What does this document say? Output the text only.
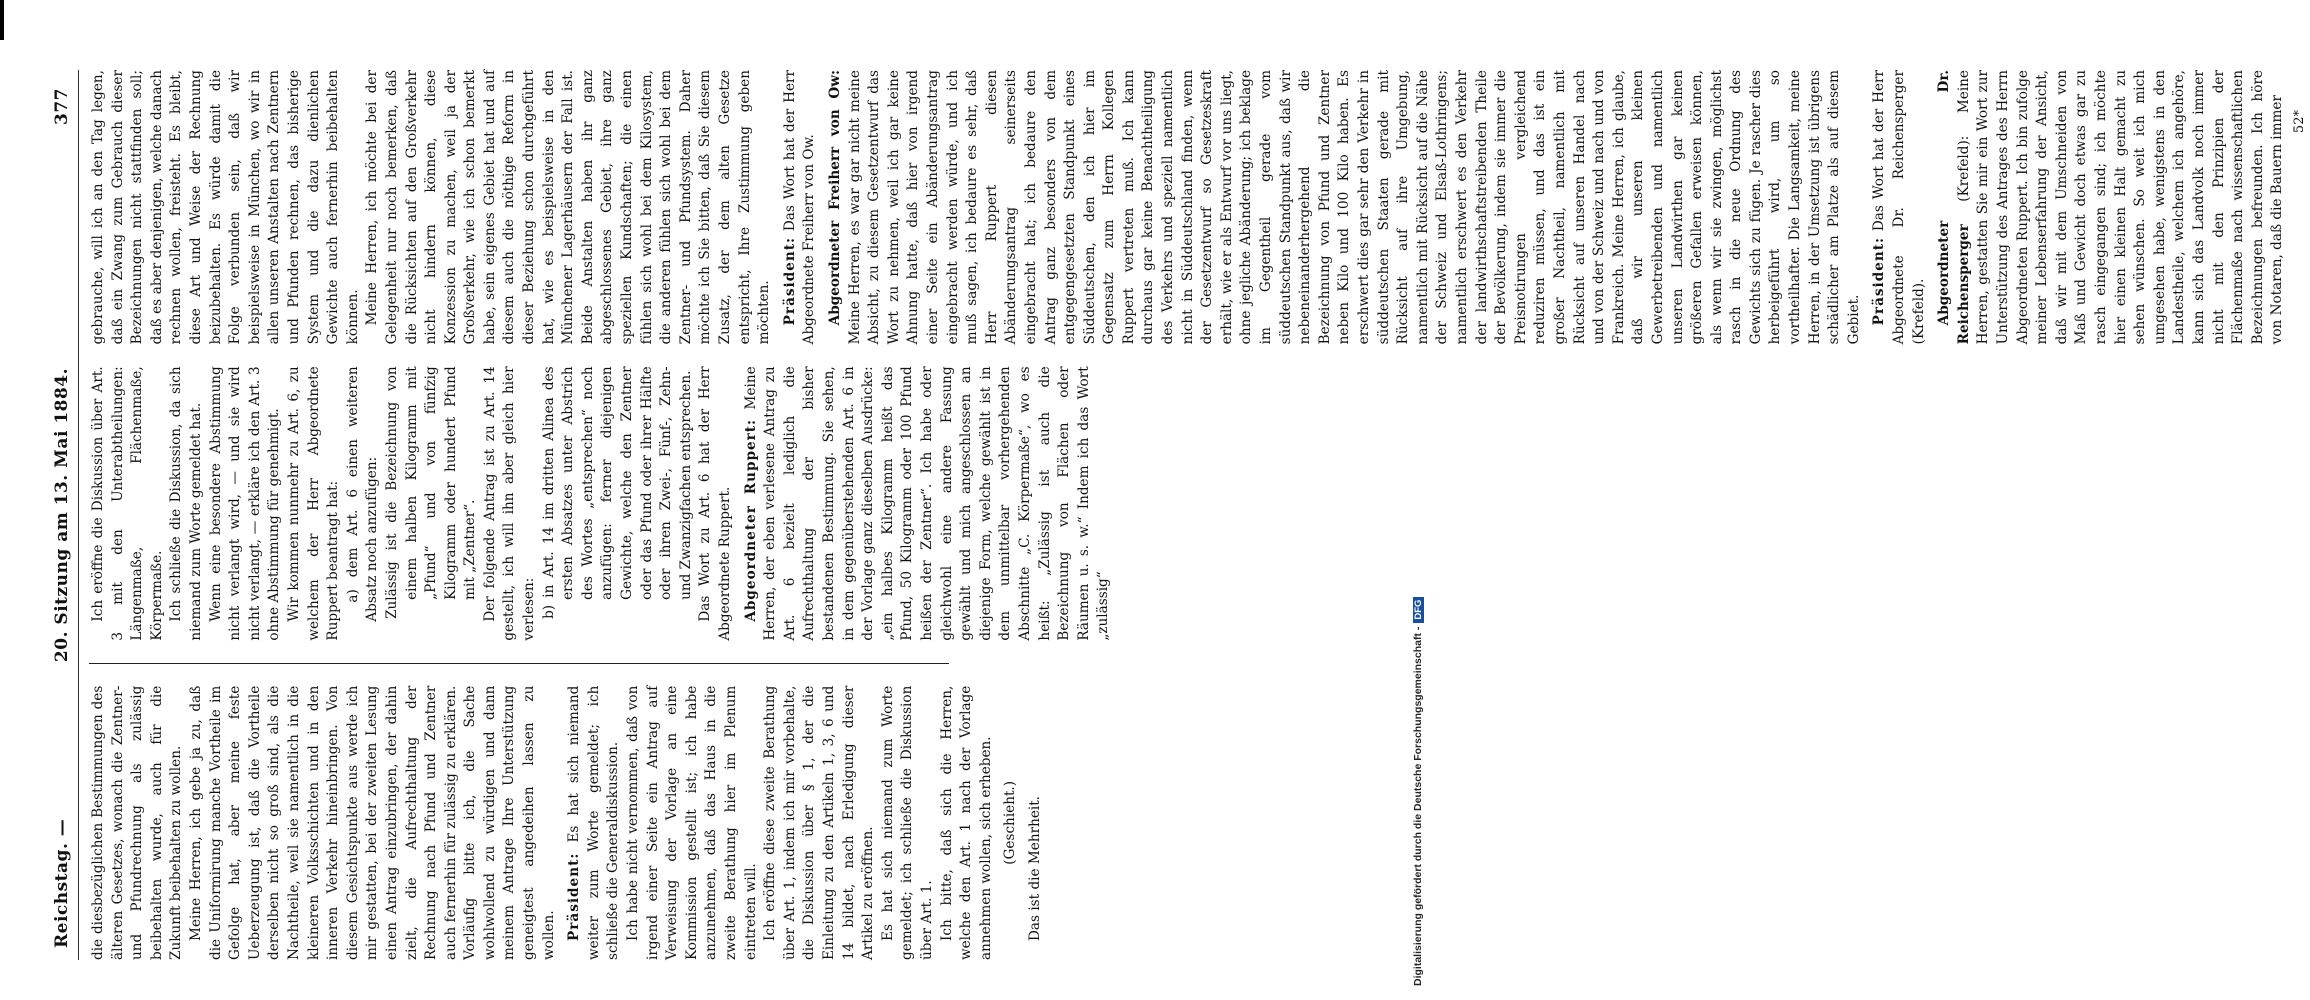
Reichstag. —
20. Sitzung am 13. Mai 1884.
377

die diesbezüglichen Bestimmungen des älteren Gesetzes, wonach die Zentner- und Pfundrechnung als zulässig beibehalten wurde, auch für die Zukunft beibehalten zu wollen. Meine Herren, ich gebe ja zu, daß die Uniformirung manche Vortheile im Gefolge hat, aber meine feste Ueberzeugung ist, daß die Vortheile derselben nicht so groß sind, als die Nachtheile, weil sie namentlich in die kleineren Volksschichten und in den inneren Verkehr hineinbringen. Von diesem Gesichtspunkte aus werde ich mir gestatten, bei der zweiten Lesung einen Antrag einzubringen, der dahin zielt, die Aufrechthaltung der Rechnung nach Pfund und Zentner auch fernerhin für zulässig zu erklären. Vorläufig bitte ich, die Sache wohlwollend zu würdigen und dann meinem Antrage Ihre Unterstützung geneigtest angedeihen lassen zu wollen. Präsident: Es hat sich niemand weiter zum Worte gemeldet; ich schließe die Generaldiskussion. Ich habe nicht vernommen, daß von irgend einer Seite ein Antrag auf Verweisung der Vorlage an eine Kommission gestellt ist; ich habe anzunehmen, daß das Haus in die zweite Berathung hier im Plenum eintreten will. Ich eröffne diese zweite Berathung über Art. 1, indem ich mir vorbehalte, die Diskussion über § 1, der die Einleitung zu den Artikeln 1, 3, 6 und 14 bildet, nach Erledigung dieser Artikel zu eröffnen. Es hat sich niemand zum Worte gemeldet; ich schließe die Diskussion über Art. 1. Ich bitte, daß sich die Herren, welche den Art. 1 nach der Vorlage annehmen wollen, sich erheben. (Geschieht.) Das ist die Mehrheit.

Ich eröffne die Diskussion über Art. 3 mit den Unterabtheilungen: Längenmaße, Flächenmaße, Körpermaße. Ich schließe die Diskussion, da sich niemand zum Worte gemeldet hat. Wenn eine besondere Abstimmung nicht verlangt wird, — und sie wird nicht verlangt, — erkläre ich den Art. 3 ohne Abstimmung für genehmigt. Wir kommen nunmehr zu Art. 6, zu welchem der Herr Abgeordnete Ruppert beantragt hat: a) dem Art. 6 einen weiteren Absatz noch anzufügen: Zulässig ist die Bezeichnung von einem halben Kilogramm mit „Pfund“ und von fünfzig Kilogramm oder hundert Pfund mit „Zentner“. Der folgende Antrag ist zu Art. 14 gestellt, ich will ihn aber gleich hier verlesen: b) in Art. 14 im dritten Alinea des ersten Absatzes unter Abstrich des Wortes „entsprechen“ noch anzufügen: ferner diejenigen Gewichte, welche den Zentner oder das Pfund oder ihrer Hälfte oder ihren Zwei-, Fünf-, Zehn- und Zwanzigfachen entsprechen. Das Wort zu Art. 6 hat der Herr Abgeordnete Ruppert. Abgeordneter Ruppert: Meine Herren, der eben verlesene Antrag zu Art. 6 bezielt lediglich die Aufrechthaltung der bisher bestandenen Bestimmung. Sie sehen, in dem gegenüberstehenden Art. 6 in der Vorlage ganz dieselben Ausdrücke: „ein halbes Kilogramm heißt das Pfund, 50 Kilogramm oder 100 Pfund heißen der Zentner“. Ich habe oder gleichwohl eine andere Fassung gewählt und mich angeschlossen an diejenige Form, welche gewählt ist in dem unmittelbar vorhergehenden Abschnitte „C. Körpermaße“, wo es heißt: „Zulässig ist auch die Bezeichnung von Flächen oder Räumen u. s. w.“ Indem ich das Wort „zulässig“

gebrauche, will ich an den Tag legen, daß ein Zwang zum Gebrauch dieser Bezeichnungen nicht stattfinden soll; daß es aber denjenigen, welche danach rechnen wollen, freisteht. Es bleibt, diese Art und Weise der Rechnung beizubehalten. Es würde damit die Folge verbunden sein, daß wir beispielsweise in München, wo wir in allen unseren Anstalten nach Zentnern und Pfunden rechnen, das bisherige System und die dazu dienlichen Gewichte auch fernerhin beibehalten können. Meine Herren, ich möchte bei der Gelegenheit nur noch bemerken, daß die Rücksichten auf den Großverkehr nicht hindern können, diese Konzession zu machen, weil ja der Großverkehr, wie ich schon bemerkt habe, sein eigenes Gebiet hat und auf diesem auch die nöthige Reform in dieser Beziehung schon durchgeführt hat, wie es beispielsweise in den Münchener Lagerhäusern der Fall ist. Beide Anstalten haben ihr ganz abgeschlossenes Gebiet, ihre ganz speziellen Kundschaften; die einen fühlen sich wohl bei dem Kilosystem, die anderen fühlen sich wohl bei dem Zentner- und Pfundsystem. Daher möchte ich Sie bitten, daß Sie diesem Zusatz, der dem alten Gesetze entspricht, Ihre Zustimmung geben möchten. Präsident: Das Wort hat der Herr Abgeordnete Freiherr von Ow. Abgeordneter Freiherr von Ow: Meine Herren, es war gar nicht meine Absicht, zu diesem Gesetzentwurf das Wort zu nehmen, weil ich gar keine Ahnung hatte, daß hier von irgend einer Seite ein Abänderungsantrag eingebracht werden würde, und ich muß sagen, ich bedaure es sehr, daß Herr Ruppert diesen Abänderungsantrag seinerseits eingebracht hat; ich bedaure den Antrag ganz besonders von dem entgegengesetzten Standpunkt eines Süddeutschen, den ich hier im Gegensatz zum Herrn Kollegen Ruppert vertreten muß. Ich kann durchaus gar keine Benachtheiligung des Verkehrs und speziell namentlich nicht in Süddeutschland finden, wenn der Gesetzentwurf so Gesetzeskraft erhält, wie er als Entwurf vor uns liegt, ohne jegliche Abänderung; ich beklage im Gegentheil gerade vom süddeutschen Standpunkt aus, daß wir nebeneinanderhergehend die Bezeichnung von Pfund und Zentner neben Kilo und 100 Kilo haben. Es erschwert dies gar sehr den Verkehr in süddeutschen Staaten gerade mit Rücksicht auf ihre Umgebung, namentlich mit Rücksicht auf die Nähe der Schweiz und Elsaß-Lothringens; namentlich erschwert es den Verkehr der landwirthschaftstreibenden Theile der Bevölkerung, indem sie immer die Preisnotirungen vergleichend reduziren müssen, und das ist ein großer Nachtheil, namentlich mit Rücksicht auf unseren Handel nach und von der Schweiz und nach und von Frankreich. Meine Herren, ich glaube, daß wir unseren kleinen Gewerbetreibenden und namentlich unseren Landwirthen gar keinen größeren Gefallen erweisen können, als wenn wir sie zwingen, möglichst rasch in die neue Ordnung des Gewichts sich zu fügen. Je rascher dies herbeigeführt wird, um so vortheilhafter. Die Langsamkeit, meine Herren, in der Umsetzung ist übrigens schädlicher am Platze als auf diesem Gebiet. Präsident: Das Wort hat der Herr Abgeordnete Dr. Reichensperger (Krefeld). Abgeordneter Dr. Reichensperger (Krefeld): Meine Herren, gestatten Sie mir ein Wort zur Unterstützung des Antrages des Herrn Abgeordneten Ruppert. Ich bin zufolge meiner Lebenserfahrung der Ansicht, daß wir mit dem Umschneiden von Maß und Gewicht doch etwas gar zu rasch eingegangen sind; ich möchte hier einen kleinen Halt gemacht zu sehen wünschen. So weit ich mich umgesehen habe, wenigstens in den Landestheile, welchem ich angehöre, kann sich das Landvolk noch immer nicht mit den Prinzipien der Flächenmaße nach wissenschaftlichen Bezeichnungen befreunden. Ich höre von Notaren, daß die Bauern immer 52*
Digitalisierung gefördert durch die Deutsche Forschungsgemeinschaft -DFG
